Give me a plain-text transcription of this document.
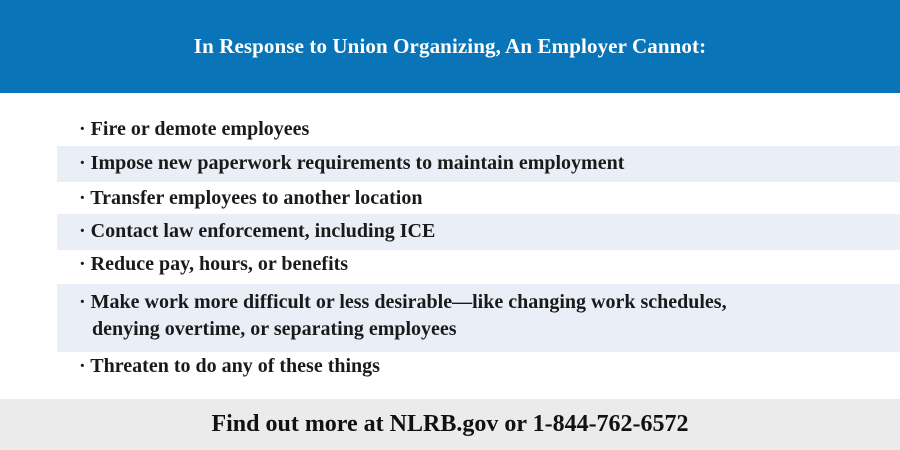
In Response to Union Organizing, An Employer Cannot:
· Fire or demote employees
· Impose new paperwork requirements to maintain employment
· Transfer employees to another location
· Contact law enforcement, including ICE
· Reduce pay, hours, or benefits
· Make work more difficult or less desirable—like changing work schedules,
denying overtime, or separating employees
· Threaten to do any of these things
Find out more at NLRB.gov or 1-844-762-6572
